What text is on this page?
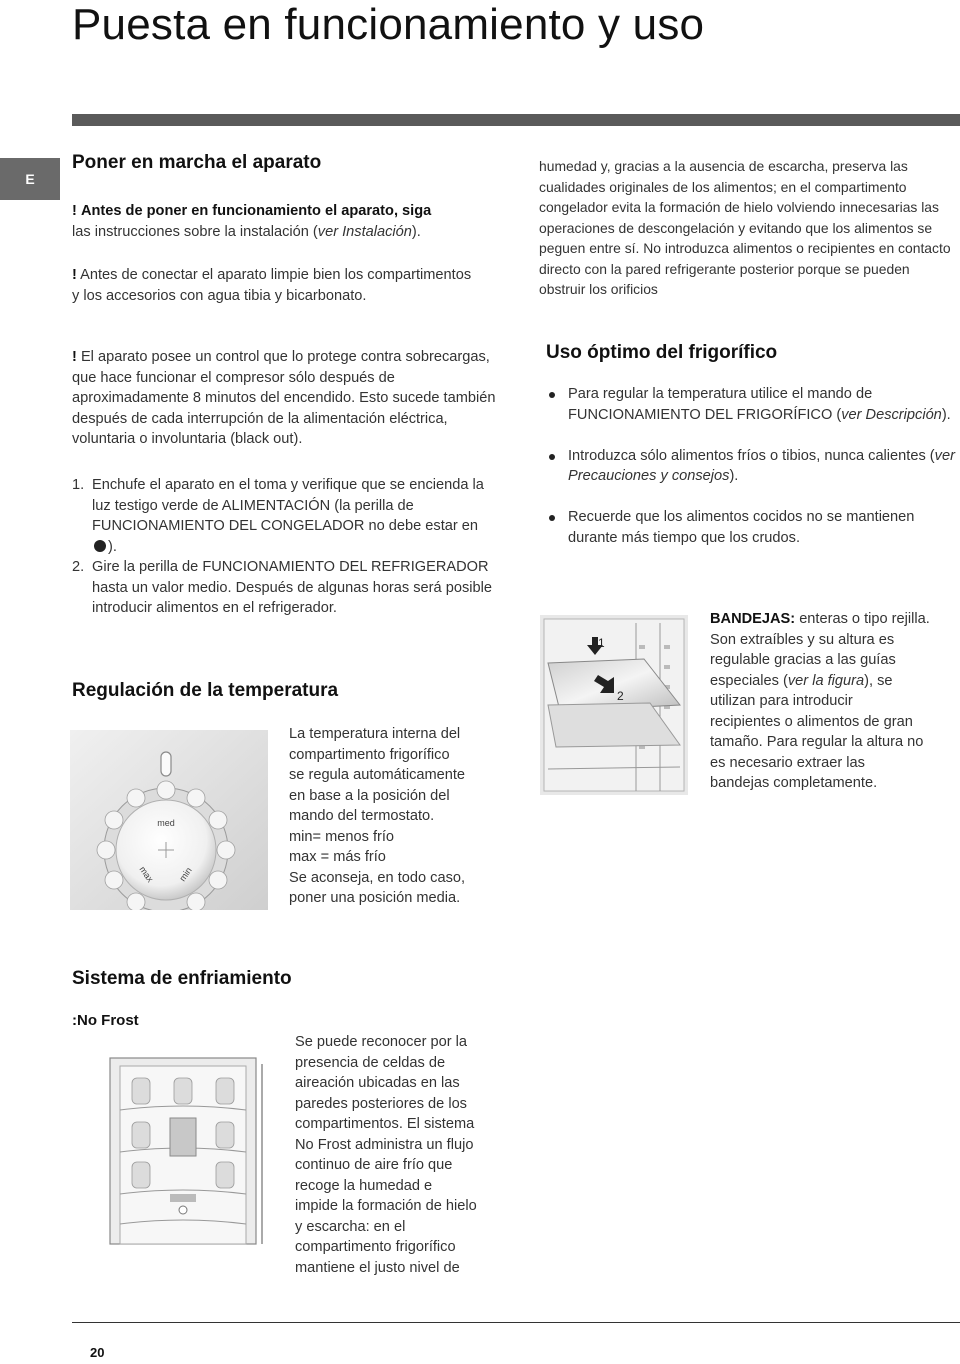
Puesta en funcionamiento y uso
E
Poner en marcha el aparato
! Antes de poner en funcionamiento el aparato, siga
las instrucciones sobre la instalación (ver Instalación).
! Antes de conectar el aparato limpie bien los compartimentos y los accesorios con agua tibia y bicarbonato.
! El aparato posee un control que lo protege contra sobrecargas, que hace funcionar el compresor sólo después de aproximadamente 8 minutos del encendido. Esto sucede también después de cada interrupción de la alimentación eléctrica, voluntaria o involuntaria (black out).
1. Enchufe el aparato en el toma y verifique que se encienda la luz testigo verde de ALIMENTACIÓN (la perilla de FUNCIONAMIENTO DEL CONGELADOR no debe estar en ).
2. Gire la perilla de FUNCIONAMIENTO DEL REFRIGERADOR hasta un valor medio. Después de algunas horas será posible introducir alimentos en el refrigerador.
Regulación de la temperatura
med
max min
La temperatura interna del
compartimento frigorífico
se regula automáticamente
en base a la posición del
mando del termostato.
min= menos frío
max = más frío
Se aconseja, en todo caso,
poner una posición media.
Sistema de enfriamiento
:No Frost
Se puede reconocer por la
presencia de celdas de
aireación ubicadas en las
paredes posteriores de los
compartimentos. El sistema
No Frost administra un flujo
continuo de aire frío que
recoge la humedad e
impide la formación de hielo
y escarcha: en el
compartimento frigorífico
mantiene el justo nivel de
humedad y, gracias a la ausencia de escarcha, preserva las cualidades originales de los alimentos; en el compartimento congelador evita la formación de hielo volviendo innecesarias las operaciones de descongelación y evitando que los alimentos se peguen entre sí. No introduzca alimentos o recipientes en contacto directo con la pared refrigerante posterior porque se pueden obstruir los orificios
Uso óptimo del frigorífico
Para regular la temperatura utilice el mando de FUNCIONAMIENTO DEL FRIGORÍFICO (ver Descripción).
Introduzca sólo alimentos fríos o tibios, nunca calientes (ver Precauciones y consejos).
Recuerde que los alimentos cocidos no se mantienen durante más tiempo que los crudos.
1
2
BANDEJAS: enteras o tipo rejilla.
Son extraíbles y su altura es
regulable gracias a las guías
especiales (ver la figura), se
utilizan para introducir
recipientes o alimentos de gran
tamaño. Para regular la altura no
es necesario extraer las
bandejas completamente.
20
